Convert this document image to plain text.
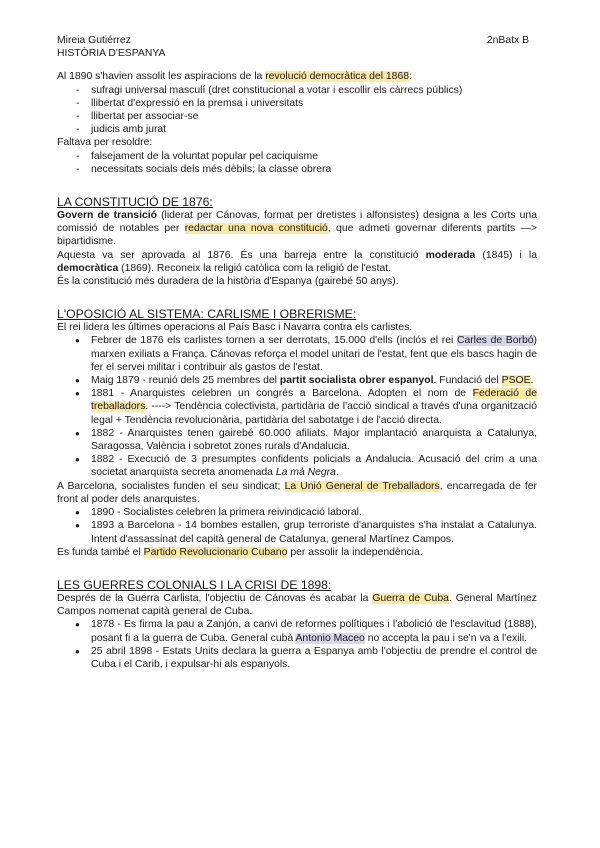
Mireia Gutiérrez
HISTÒRIA D'ESPANYA
2nBatx B

Al 1890 s'havien assolit les aspiracions de la revolució democràtica del 1868:

- sufragi universal masculí (dret constitucional a votar i escollir els càrrecs públics)
- llibertat d'expressió en la premsa i universitats
- llibertat per associar-se
- judicis amb jurat

Faltava per resoldre:

- falsejament de la voluntat popular pel caciquisme
- necessitats socials dels més dèbils; la classe obrera
LA CONSTITUCIÓ DE 1876:

Govern de transició (liderat per Cánovas, format per dretistes i alfonsistes) designa a les Corts una comissió de notables per redactar una nova constitució, que admeti governar diferents partits —> bipartidisme.

Aquesta va ser aprovada al 1876. És una barreja entre la constitució moderada (1845) i la democràtica (1869). Reconeix la religió catòlica com la religió de l'estat.

És la constitució més duradera de la història d'Espanya (gairebé 50 anys).

L'OPOSICIÓ AL SISTEMA: CARLISME I OBRERISME:

El rei lidera les últimes operacions al País Basc i Navarra contra els carlistes.

● Febrer de 1876 els carlistes tornen a ser derrotats, 15.000 d'ells (inclós el rei Carles de Borbó) marxen exiliats a França. Cánovas reforça el model unitari de l'estat, fent que els bascs hagin de fer el servei militar i contribuir als gastos de l'estat.
● Maig 1879 - reunió dels 25 membres del partit socialista obrer espanyol. Fundació del PSOE.
● 1881 - Anarquistes celebren un congrés a Barcelona. Adopten el nom de Federació de treballadors. ----> Tendència colectivista, partidària de l'acció sindical a través d'una organització legal + Tendència revolucionària, partidària del sabotatge i de l'acció directa.
● 1882 - Anarquistes tenen gairebé 60.000 afiliats. Major implantació anarquista a Catalunya, Saragossa, València i sobretot zones rurals d'Andalucia.
● 1882 - Execució de 3 presumptes confidents policials a Andalucia. Acusació del crim a una societat anarquista secreta anomenada La mà Negra.

A Barcelona, socialistes funden el seu sindicat; La Unió General de Treballadors, encarregada de fer front al poder dels anarquistes.

● 1890 - Socialistes celebren la primera reivindicació laboral.
● 1893 a Barcelona - 14 bombes estallen, grup terroriste d'anarquistes s'ha instalat a Catalunya. Intent d'assassinat del capità general de Catalunya, general Martínez Campos.

Es funda també el Partido Revolucionario Cubano per assolir la independència.

LES GUERRES COLONIALS I LA CRISI DE 1898:

Després de la Guerra Carlista, l'objectiu de Cánovas és acabar la Guerra de Cuba. General Martínez Campos nomenat capità general de Cuba.

● 1878 - Es firma la pau a Zanjón, a canvi de reformes polítiques i l'abolició de l'esclavitud (1888), posant fi a la guerra de Cuba. General cubà Antonio Maceo no accepta la pau i se'n va a l'exili.
● 25 abril 1898 - Estats Units declara la guerra a Espanya amb l'objectiu de prendre el control de Cuba i el Carib, i expulsar-hi als espanyols.
